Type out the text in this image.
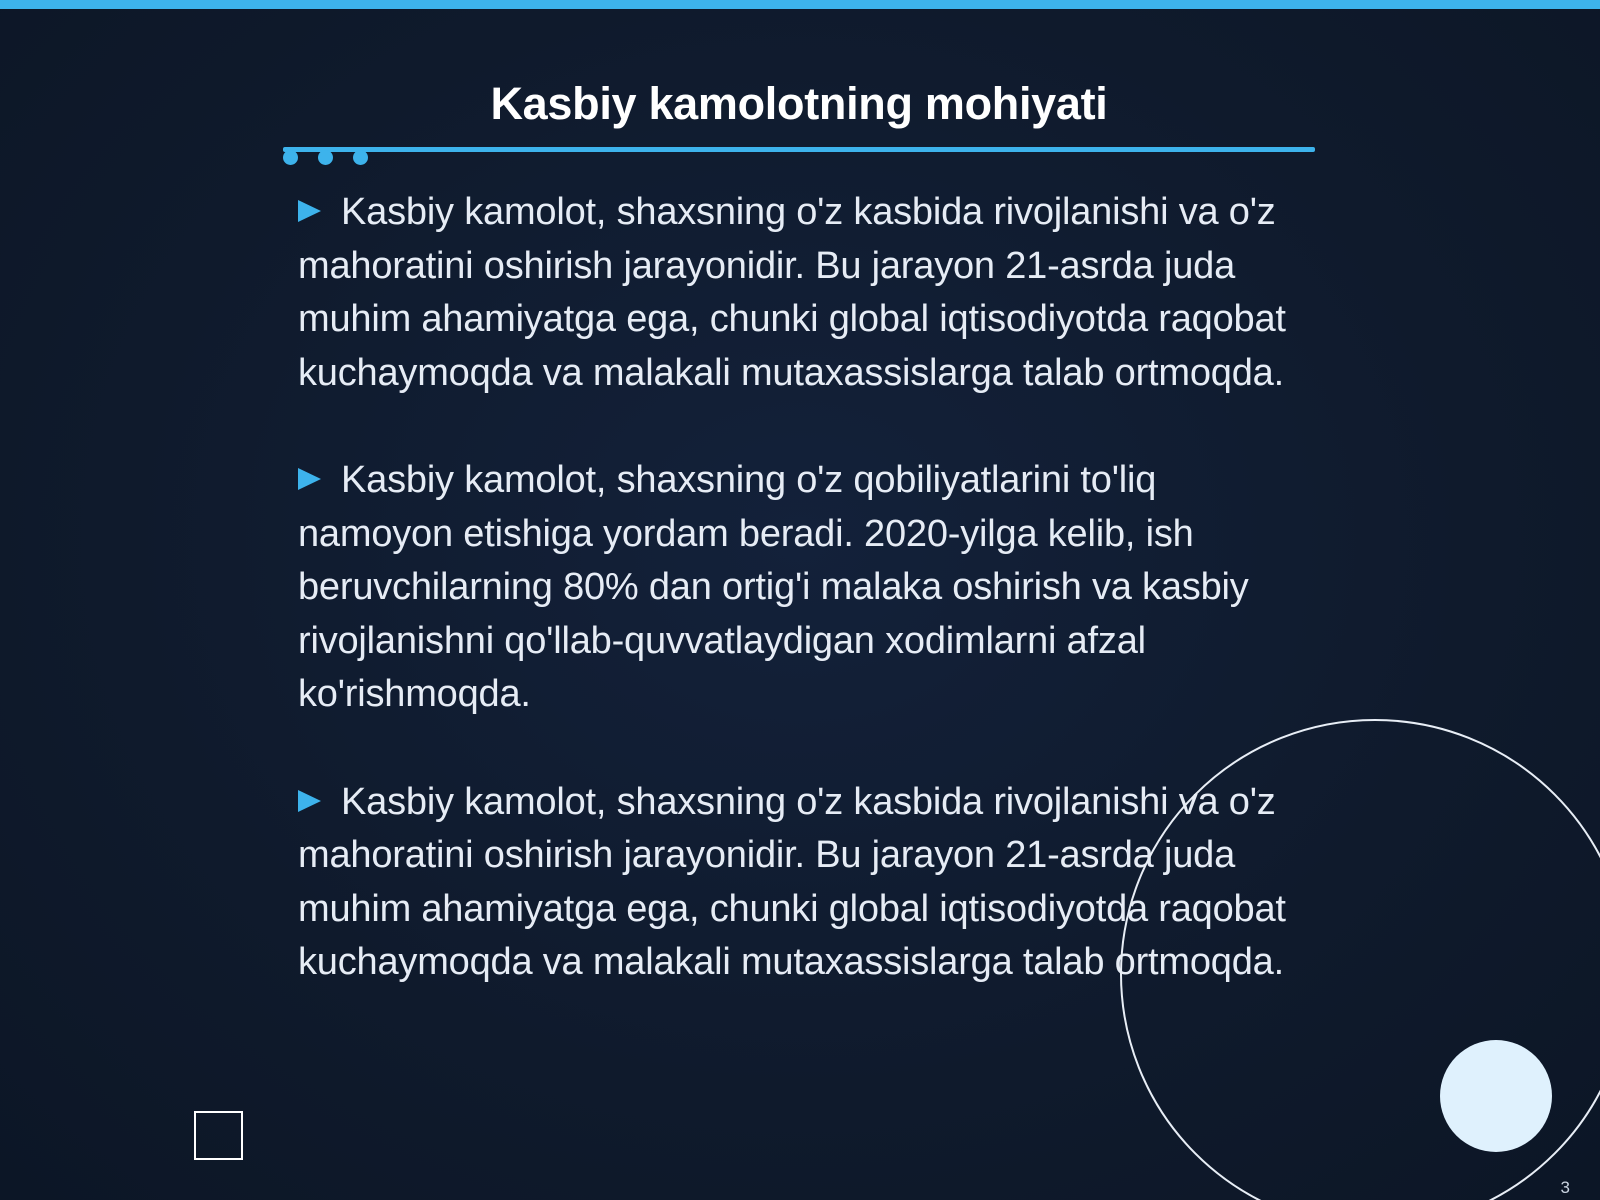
Kasbiy kamolotning mohiyati
Kasbiy kamolot, shaxsning o'z kasbida rivojlanishi va o'z mahoratini oshirish jarayonidir. Bu jarayon 21-asrda juda muhim ahamiyatga ega, chunki global iqtisodiyotda raqobat kuchaymoqda va malakali mutaxassislarga talab ortmoqda.
Kasbiy kamolot, shaxsning o'z qobiliyatlarini to'liq namoyon etishiga yordam beradi. 2020-yilga kelib, ish beruvchilarning 80% dan ortig'i malaka oshirish va kasbiy rivojlanishni qo'llab-quvvatlaydigan xodimlarni afzal ko'rishmoqda.
Kasbiy kamolot, shaxsning o'z kasbida rivojlanishi va o'z mahoratini oshirish jarayonidir. Bu jarayon 21-asrda juda muhim ahamiyatga ega, chunki global iqtisodiyotda raqobat kuchaymoqda va malakali mutaxassislarga talab ortmoqda.
3
